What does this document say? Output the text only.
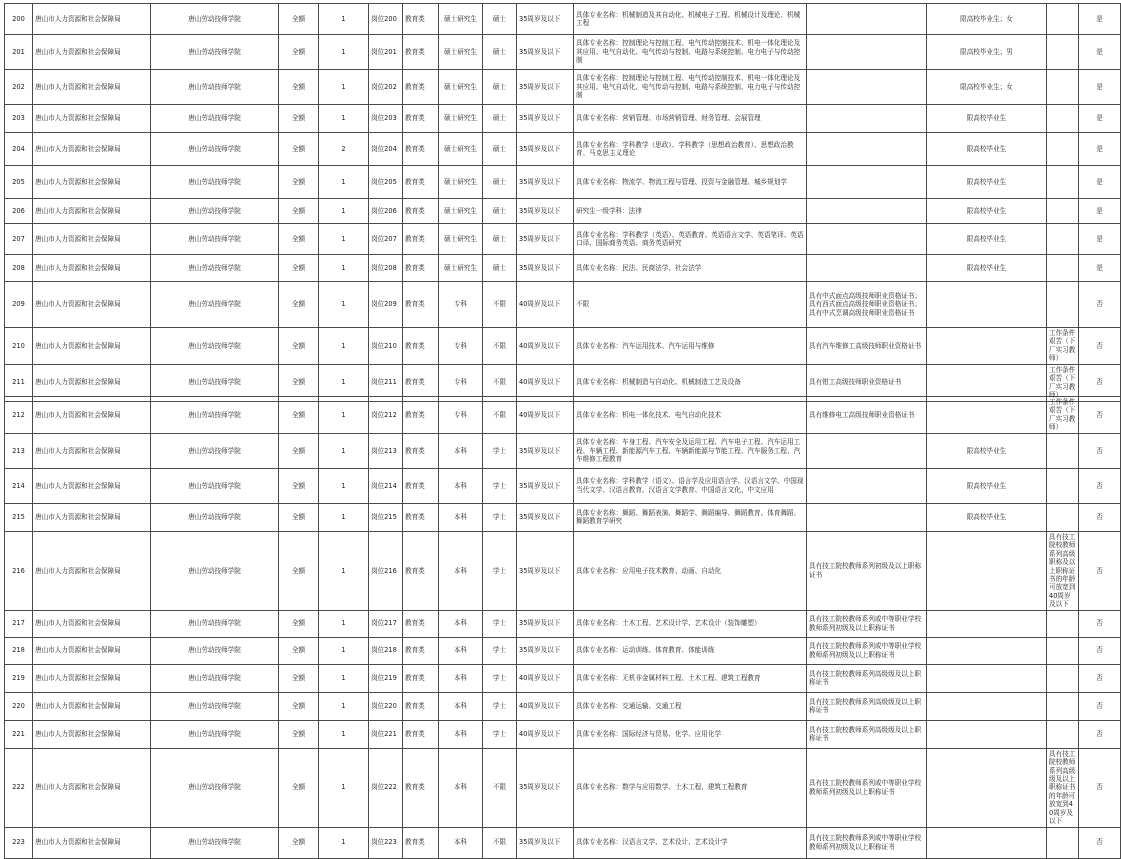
200	唐山市人力资源和社会保障局	唐山劳动技师学院	全额	1	岗位200	教育类	硕士研究生	硕士	35周岁及以下	具体专业名称：机械制造及其自动化、机械电子工程、机械设计及理论、机械工程		限高校毕业生；女		是
201	唐山市人力资源和社会保障局	唐山劳动技师学院	全额	1	岗位201	教育类	硕士研究生	硕士	35周岁及以下	具体专业名称：控制理论与控制工程、电气传动控制技术、机电一体化理论及其应用、电气自动化、电气传动与控制、电路与系统控制、电力电子与传动控制		限高校毕业生；男		是
202	唐山市人力资源和社会保障局	唐山劳动技师学院	全额	1	岗位202	教育类	硕士研究生	硕士	35周岁及以下	具体专业名称：控制理论与控制工程、电气传动控制技术、机电一体化理论及其应用、电气自动化、电气传动与控制、电路与系统控制、电力电子与传动控制		限高校毕业生；女		是
203	唐山市人力资源和社会保障局	唐山劳动技师学院	全额	1	岗位203	教育类	硕士研究生	硕士	35周岁及以下	具体专业名称：营销管理、市场营销管理、财务管理、会展管理		限高校毕业生		是
204	唐山市人力资源和社会保障局	唐山劳动技师学院	全额	2	岗位204	教育类	硕士研究生	硕士	35周岁及以下	具体专业名称：学科教学（思政）、学科教学（思想政治教育）、思想政治教育、马克思主义理论		限高校毕业生		是
205	唐山市人力资源和社会保障局	唐山劳动技师学院	全额	1	岗位205	教育类	硕士研究生	硕士	35周岁及以下	具体专业名称：物流学、物流工程与管理、投资与金融管理、城乡规划学		限高校毕业生		是
206	唐山市人力资源和社会保障局	唐山劳动技师学院	全额	1	岗位206	教育类	硕士研究生	硕士	35周岁及以下	研究生一级学科：法律		限高校毕业生		是
207	唐山市人力资源和社会保障局	唐山劳动技师学院	全额	1	岗位207	教育类	硕士研究生	硕士	35周岁及以下	具体专业名称：学科教学（英语）、英语教育、英语语言文学、英语笔译、英语口译、国际商务英语、商务英语研究		限高校毕业生		是
208	唐山市人力资源和社会保障局	唐山劳动技师学院	全额	1	岗位208	教育类	硕士研究生	硕士	35周岁及以下	具体专业名称：民法、民商法学、社会法学		限高校毕业生		是
209	唐山市人力资源和社会保障局	唐山劳动技师学院	全额	1	岗位209	教育类	专科	不限	40周岁及以下	不限	具有中式面点高级技师职业资格证书；具有西式面点高级技师职业资格证书；具有中式烹调高级技师职业资格证书			否
210	唐山市人力资源和社会保障局	唐山劳动技师学院	全额	1	岗位210	教育类	专科	不限	40周岁及以下	具体专业名称：汽车运用技术、汽车运用与维修	具有汽车维修工高级技师职业资格证书		工作条件艰苦（下厂实习教师）	否
211	唐山市人力资源和社会保障局	唐山劳动技师学院	全额	1	岗位211	教育类	专科	不限	40周岁及以下	具体专业名称：机械制造与自动化、机械制造工艺及设备	具有钳工高级技师职业资格证书		工作条件艰苦（下厂实习教师）	否
212	唐山市人力资源和社会保障局	唐山劳动技师学院	全额	1	岗位212	教育类	专科	不限	40周岁及以下	具体专业名称：机电一体化技术、电气自动化技术	具有维修电工高级技师职业资格证书		工作条件艰苦（下厂实习教师）	否
213	唐山市人力资源和社会保障局	唐山劳动技师学院	全额	1	岗位213	教育类	本科	学士	35周岁及以下	具体专业名称：车身工程、汽车安全及运用工程、汽车电子工程、汽车运用工程、车辆工程、新能源汽车工程、车辆新能源与节能工程、汽车服务工程、汽车维修工程教育		限高校毕业生		否
214	唐山市人力资源和社会保障局	唐山劳动技师学院	全额	1	岗位214	教育类	本科	学士	35周岁及以下	具体专业名称：学科教学（语文）、语言学及应用语言学、汉语言文学、中国现当代文学、汉语言教育、汉语言文学教育、中国语言文化、中文应用		限高校毕业生		否
215	唐山市人力资源和社会保障局	唐山劳动技师学院	全额	1	岗位215	教育类	本科	学士	35周岁及以下	具体专业名称：舞蹈、舞蹈表演、舞蹈学、舞蹈编导、舞蹈教育、体育舞蹈、舞蹈教育学研究		限高校毕业生		否
216	唐山市人力资源和社会保障局	唐山劳动技师学院	全额	1	岗位216	教育类	本科	学士	35周岁及以下	具体专业名称：应用电子技术教育、动画、自动化	具有技工院校教师系列初级及以上职称证书		具有技工院校教师系列高级职称及以上职称证书的年龄可放宽到40周岁及以下	否
217	唐山市人力资源和社会保障局	唐山劳动技师学院	全额	1	岗位217	教育类	本科	学士	35周岁及以下	具体专业名称：土木工程、艺术设计学、艺术设计（装饰雕塑）	具有技工院校教师系列或中等职业学校教师系列初级及以上职称证书			否
218	唐山市人力资源和社会保障局	唐山劳动技师学院	全额	1	岗位218	教育类	本科	学士	35周岁及以下	具体专业名称：运动训练、体育教育、体能训练	具有技工院校教师系列或中等职业学校教师系列初级及以上职称证书			否
219	唐山市人力资源和社会保障局	唐山劳动技师学院	全额	1	岗位219	教育类	本科	学士	40周岁及以下	具体专业名称：无机非金属材料工程、土木工程、建筑工程教育	具有技工院校教师系列高级级及以上职称证书			否
220	唐山市人力资源和社会保障局	唐山劳动技师学院	全额	1	岗位220	教育类	本科	学士	40周岁及以下	具体专业名称：交通运输、交通工程	具有技工院校教师系列高级级及以上职称证书			否
221	唐山市人力资源和社会保障局	唐山劳动技师学院	全额	1	岗位221	教育类	本科	学士	40周岁及以下	具体专业名称：国际经济与贸易、化学、应用化学	具有技工院校教师系列高级级及以上职称证书			否
222	唐山市人力资源和社会保障局	唐山劳动技师学院	全额	1	岗位222	教育类	本科	不限	35周岁及以下	具体专业名称：数学与应用数学、土木工程、建筑工程教育	具有技工院校教师系列或中等职业学校教师系列初级及以上职称证书		具有技工院校教师系列高级级及以上职称证书的年龄可放宽到40周岁及以下	否
223	唐山市人力资源和社会保障局	唐山劳动技师学院	全额	1	岗位223	教育类	本科	不限	35周岁及以下	具体专业名称：汉语言文学、艺术设计、艺术设计学	具有技工院校教师系列或中等职业学校教师系列初级及以上职称证书			否
